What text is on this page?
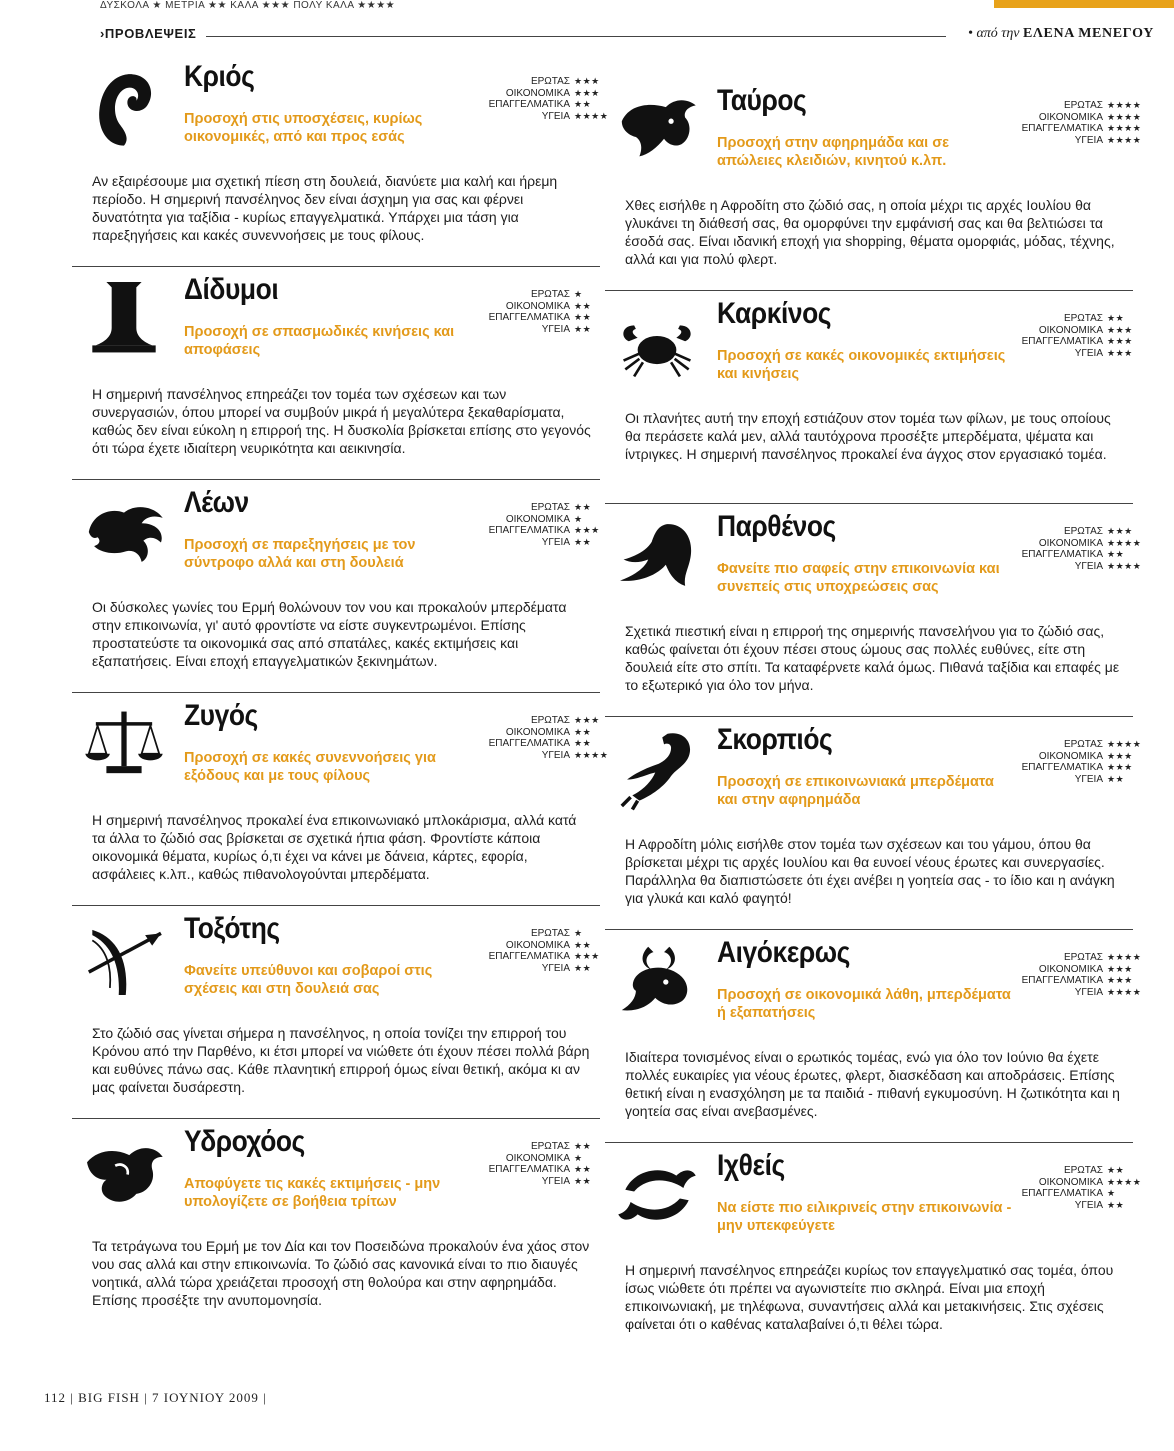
ΔΥΣΚΟΛΑ ★ ΜΕΤΡΙΑ ★★ ΚΑΛΑ ★★★ ΠΟΛΥ ΚΑΛΑ ★★★★
›ΠΡΟΒΛΕΨΕΙΣ	• από την ΕΛΕΝΑ ΜΕΝΕΓΟΥ
Κριός
Προσοχή στις υποσχέσεις, κυρίως οικονομικές, από και προς εσάς
ΕΡΩΤΑΣ ★★★
ΟΙΚΟΝΟΜΙΚΑ ★★★
ΕΠΑΓΓΕΛΜΑΤΙΚΑ ★★
ΥΓΕΙΑ ★★★★
Αν εξαιρέσουμε μια σχετική πίεση στη δουλειά, διανύετε μια καλή και ήρεμη περίοδο. Η σημερινή πανσέληνος δεν είναι άσχημη για σας και φέρνει δυνατότητα για ταξίδια - κυρίως επαγγελματικά. Υπάρχει μια τάση για παρεξηγήσεις και κακές συνεννοήσεις με τους φίλους.
Δίδυμοι
Προσοχή σε σπασμωδικές κινήσεις και αποφάσεις
ΕΡΩΤΑΣ ★
ΟΙΚΟΝΟΜΙΚΑ ★★
ΕΠΑΓΓΕΛΜΑΤΙΚΑ ★★
ΥΓΕΙΑ ★★
Η σημερινή πανσέληνος επηρεάζει τον τομέα των σχέσεων και των συνεργασιών, όπου μπορεί να συμβούν μικρά ή μεγαλύτερα ξεκαθαρίσματα, καθώς δεν είναι εύκολη η επιρροή της. Η δυσκολία βρίσκεται επίσης στο γεγονός ότι τώρα έχετε ιδιαίτερη νευρικότητα και αεικινησία.
Λέων
Προσοχή σε παρεξηγήσεις με τον σύντροφο αλλά και στη δουλειά
ΕΡΩΤΑΣ ★★
ΟΙΚΟΝΟΜΙΚΑ ★
ΕΠΑΓΓΕΛΜΑΤΙΚΑ ★★★
ΥΓΕΙΑ ★★
Οι δύσκολες γωνίες του Ερμή θολώνουν τον νου και προκαλούν μπερδέματα στην επικοινωνία, γι' αυτό φροντίστε να είστε συγκεντρωμένοι. Επίσης προστατεύστε τα οικονομικά σας από σπατάλες, κακές εκτιμήσεις και εξαπατήσεις. Είναι εποχή επαγγελματικών ξεκινημάτων.
Ζυγός
Προσοχή σε κακές συνεννοήσεις για εξόδους και με τους φίλους
ΕΡΩΤΑΣ ★★★
ΟΙΚΟΝΟΜΙΚΑ ★★
ΕΠΑΓΓΕΛΜΑΤΙΚΑ ★★
ΥΓΕΙΑ ★★★★
Η σημερινή πανσέληνος προκαλεί ένα επικοινωνιακό μπλοκάρισμα, αλλά κατά τα άλλα το ζώδιό σας βρίσκεται σε σχετικά ήπια φάση. Φροντίστε κάποια οικονομικά θέματα, κυρίως ό,τι έχει να κάνει με δάνεια, κάρτες, εφορία, ασφάλειες κ.λπ., καθώς πιθανολογούνται μπερδέματα.
Τοξότης
Φανείτε υπεύθυνοι και σοβαροί στις σχέσεις και στη δουλειά σας
ΕΡΩΤΑΣ ★
ΟΙΚΟΝΟΜΙΚΑ ★★
ΕΠΑΓΓΕΛΜΑΤΙΚΑ ★★★
ΥΓΕΙΑ ★★
Στο ζώδιό σας γίνεται σήμερα η πανσέληνος, η οποία τονίζει την επιρροή του Κρόνου από την Παρθένο, κι έτσι μπορεί να νιώθετε ότι έχουν πέσει πολλά βάρη και ευθύνες πάνω σας. Κάθε πλανητική επιρροή όμως είναι θετική, ακόμα κι αν μας φαίνεται δυσάρεστη.
Υδροχόος
Αποφύγετε τις κακές εκτιμήσεις - μην υπολογίζετε σε βοήθεια τρίτων
ΕΡΩΤΑΣ ★★
ΟΙΚΟΝΟΜΙΚΑ ★
ΕΠΑΓΓΕΛΜΑΤΙΚΑ ★★
ΥΓΕΙΑ ★★
Τα τετράγωνα του Ερμή με τον Δία και τον Ποσειδώνα προκαλούν ένα χάος στον νου σας αλλά και στην επικοινωνία. Το ζώδιό σας κανονικά είναι το πιο διαυγές νοητικά, αλλά τώρα χρειάζεται προσοχή στη θολούρα και στην αφηρημάδα. Επίσης προσέξτε την ανυπομονησία.
Ταύρος
Προσοχή στην αφηρημάδα και σε απώλειες κλειδιών, κινητού κ.λπ.
ΕΡΩΤΑΣ ★★★★
ΟΙΚΟΝΟΜΙΚΑ ★★★★
ΕΠΑΓΓΕΛΜΑΤΙΚΑ ★★★★
ΥΓΕΙΑ ★★★★
Χθες εισήλθε η Αφροδίτη στο ζώδιό σας, η οποία μέχρι τις αρχές Ιουλίου θα γλυκάνει τη διάθεσή σας, θα ομορφύνει την εμφάνισή σας και θα βελτιώσει τα έσοδά σας. Είναι ιδανική εποχή για shopping, θέματα ομορφιάς, μόδας, τέχνης, αλλά και για πολύ φλερτ.
Καρκίνος
Προσοχή σε κακές οικονομικές εκτιμήσεις και κινήσεις
ΕΡΩΤΑΣ ★★
ΟΙΚΟΝΟΜΙΚΑ ★★★
ΕΠΑΓΓΕΛΜΑΤΙΚΑ ★★★
ΥΓΕΙΑ ★★★
Οι πλανήτες αυτή την εποχή εστιάζουν στον τομέα των φίλων, με τους οποίους θα περάσετε καλά μεν, αλλά ταυτόχρονα προσέξτε μπερδέματα, ψέματα και ίντριγκες. Η σημερινή πανσέληνος προκαλεί ένα άγχος στον εργασιακό τομέα.
Παρθένος
Φανείτε πιο σαφείς στην επικοινωνία και συνεπείς στις υποχρεώσεις σας
ΕΡΩΤΑΣ ★★★
ΟΙΚΟΝΟΜΙΚΑ ★★★★
ΕΠΑΓΓΕΛΜΑΤΙΚΑ ★★
ΥΓΕΙΑ ★★★★
Σχετικά πιεστική είναι η επιρροή της σημερινής πανσελήνου για το ζώδιό σας, καθώς φαίνεται ότι έχουν πέσει στους ώμους σας πολλές ευθύνες, είτε στη δουλειά είτε στο σπίτι. Τα καταφέρνετε καλά όμως. Πιθανά ταξίδια και επαφές με το εξωτερικό για όλο τον μήνα.
Σκορπιός
Προσοχή σε επικοινωνιακά μπερδέματα και στην αφηρημάδα
ΕΡΩΤΑΣ ★★★★
ΟΙΚΟΝΟΜΙΚΑ ★★★
ΕΠΑΓΓΕΛΜΑΤΙΚΑ ★★★
ΥΓΕΙΑ ★★
Η Αφροδίτη μόλις εισήλθε στον τομέα των σχέσεων και του γάμου, όπου θα βρίσκεται μέχρι τις αρχές Ιουλίου και θα ευνοεί νέους έρωτες και συνεργασίες. Παράλληλα θα διαπιστώσετε ότι έχει ανέβει η γοητεία σας - το ίδιο και η ανάγκη για γλυκά και καλό φαγητό!
Αιγόκερως
Προσοχή σε οικονομικά λάθη, μπερδέματα ή εξαπατήσεις
ΕΡΩΤΑΣ ★★★★
ΟΙΚΟΝΟΜΙΚΑ ★★★
ΕΠΑΓΓΕΛΜΑΤΙΚΑ ★★★
ΥΓΕΙΑ ★★★★
Ιδιαίτερα τονισμένος είναι ο ερωτικός τομέας, ενώ για όλο τον Ιούνιο θα έχετε πολλές ευκαιρίες για νέους έρωτες, φλερτ, διασκέδαση και αποδράσεις. Επίσης θετική είναι η ενασχόληση με τα παιδιά - πιθανή εγκυμοσύνη. Η ζωτικότητα και η γοητεία σας είναι ανεβασμένες.
Ιχθείς
Να είστε πιο ειλικρινείς στην επικοινωνία - μην υπεκφεύγετε
ΕΡΩΤΑΣ ★★
ΟΙΚΟΝΟΜΙΚΑ ★★★★
ΕΠΑΓΓΕΛΜΑΤΙΚΑ ★
ΥΓΕΙΑ ★★
Η σημερινή πανσέληνος επηρεάζει κυρίως τον επαγγελματικό σας τομέα, όπου ίσως νιώθετε ότι πρέπει να αγωνιστείτε πιο σκληρά. Είναι μια εποχή επικοινωνιακή, με τηλέφωνα, συναντήσεις αλλά και μετακινήσεις. Στις σχέσεις φαίνεται ότι ο καθένας καταλαβαίνει ό,τι θέλει τώρα.
112 | BIG FISH | 7 ΙΟΥΝΙΟΥ 2009 |
